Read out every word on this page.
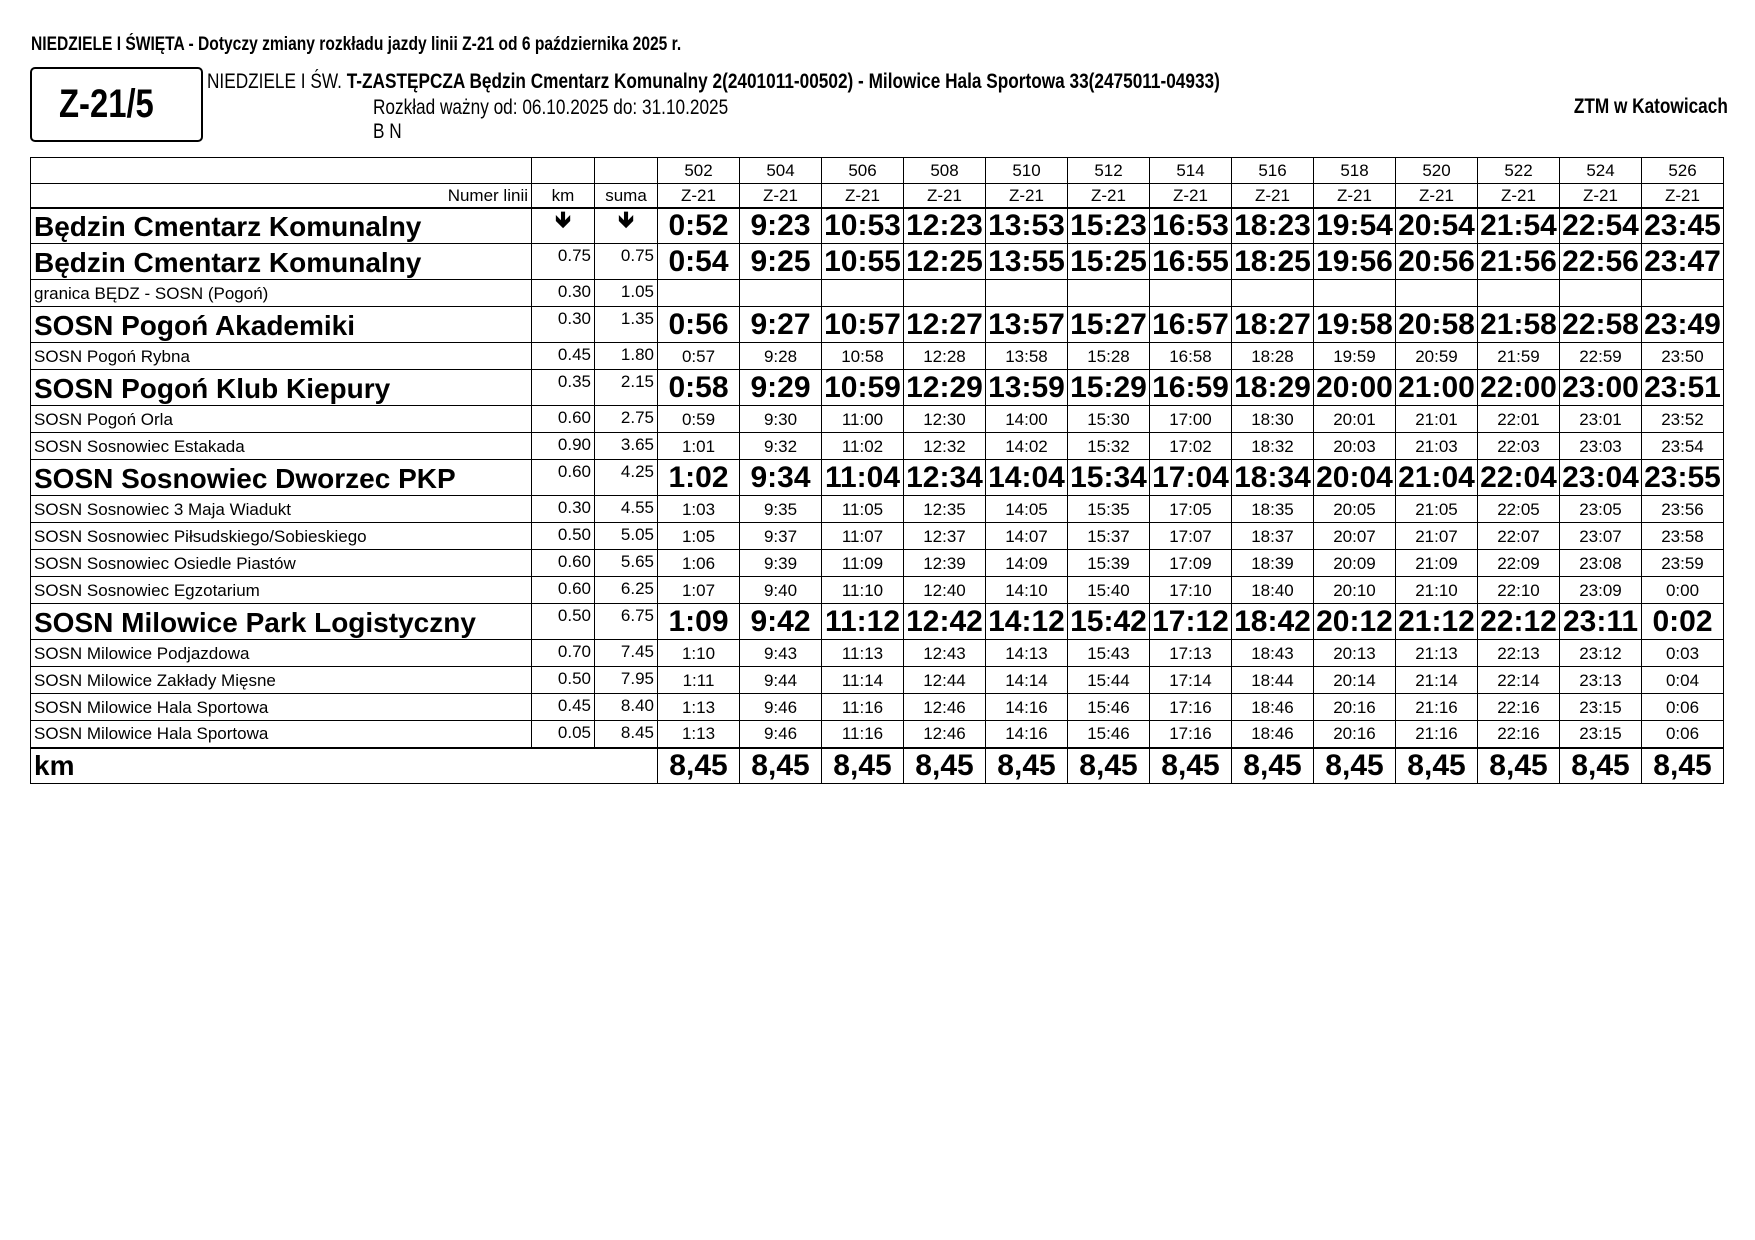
NIEDZIELE I ŚWIĘTA - Dotyczy zmiany rozkładu jazdy linii Z-21 od 6 października 2025 r.
Z-21/5
NIEDZIELE I ŚW. T-ZASTĘPCZA Będzin Cmentarz Komunalny 2(2401011-00502) - Milowice Hala Sportowa 33(2475011-04933)
Rozkład ważny od: 06.10.2025 do: 31.10.2025
B N
ZTM w Katowicach
			502	504	506	508	510	512	514	516	518	520	522	524	526
Numer linii	km	suma	Z-21	Z-21	Z-21	Z-21	Z-21	Z-21	Z-21	Z-21	Z-21	Z-21	Z-21	Z-21	Z-21
Będzin Cmentarz Komunalny	🡻	🡻	0:52	9:23	10:53	12:23	13:53	15:23	16:53	18:23	19:54	20:54	21:54	22:54	23:45
Będzin Cmentarz Komunalny	0.75	0.75	0:54	9:25	10:55	12:25	13:55	15:25	16:55	18:25	19:56	20:56	21:56	22:56	23:47
granica BĘDZ - SOSN (Pogoń)	0.30	1.05													
SOSN Pogoń Akademiki	0.30	1.35	0:56	9:27	10:57	12:27	13:57	15:27	16:57	18:27	19:58	20:58	21:58	22:58	23:49
SOSN Pogoń Rybna	0.45	1.80	0:57	9:28	10:58	12:28	13:58	15:28	16:58	18:28	19:59	20:59	21:59	22:59	23:50
SOSN Pogoń Klub Kiepury	0.35	2.15	0:58	9:29	10:59	12:29	13:59	15:29	16:59	18:29	20:00	21:00	22:00	23:00	23:51
SOSN Pogoń Orla	0.60	2.75	0:59	9:30	11:00	12:30	14:00	15:30	17:00	18:30	20:01	21:01	22:01	23:01	23:52
SOSN Sosnowiec Estakada	0.90	3.65	1:01	9:32	11:02	12:32	14:02	15:32	17:02	18:32	20:03	21:03	22:03	23:03	23:54
SOSN Sosnowiec Dworzec PKP	0.60	4.25	1:02	9:34	11:04	12:34	14:04	15:34	17:04	18:34	20:04	21:04	22:04	23:04	23:55
SOSN Sosnowiec 3 Maja Wiadukt	0.30	4.55	1:03	9:35	11:05	12:35	14:05	15:35	17:05	18:35	20:05	21:05	22:05	23:05	23:56
SOSN Sosnowiec Piłsudskiego/Sobieskiego	0.50	5.05	1:05	9:37	11:07	12:37	14:07	15:37	17:07	18:37	20:07	21:07	22:07	23:07	23:58
SOSN Sosnowiec Osiedle Piastów	0.60	5.65	1:06	9:39	11:09	12:39	14:09	15:39	17:09	18:39	20:09	21:09	22:09	23:08	23:59
SOSN Sosnowiec Egzotarium	0.60	6.25	1:07	9:40	11:10	12:40	14:10	15:40	17:10	18:40	20:10	21:10	22:10	23:09	0:00
SOSN Milowice Park Logistyczny	0.50	6.75	1:09	9:42	11:12	12:42	14:12	15:42	17:12	18:42	20:12	21:12	22:12	23:11	0:02
SOSN Milowice Podjazdowa	0.70	7.45	1:10	9:43	11:13	12:43	14:13	15:43	17:13	18:43	20:13	21:13	22:13	23:12	0:03
SOSN Milowice Zakłady Mięsne	0.50	7.95	1:11	9:44	11:14	12:44	14:14	15:44	17:14	18:44	20:14	21:14	22:14	23:13	0:04
SOSN Milowice Hala Sportowa	0.45	8.40	1:13	9:46	11:16	12:46	14:16	15:46	17:16	18:46	20:16	21:16	22:16	23:15	0:06
SOSN Milowice Hala Sportowa	0.05	8.45	1:13	9:46	11:16	12:46	14:16	15:46	17:16	18:46	20:16	21:16	22:16	23:15	0:06
km			8,45	8,45	8,45	8,45	8,45	8,45	8,45	8,45	8,45	8,45	8,45	8,45	8,45
